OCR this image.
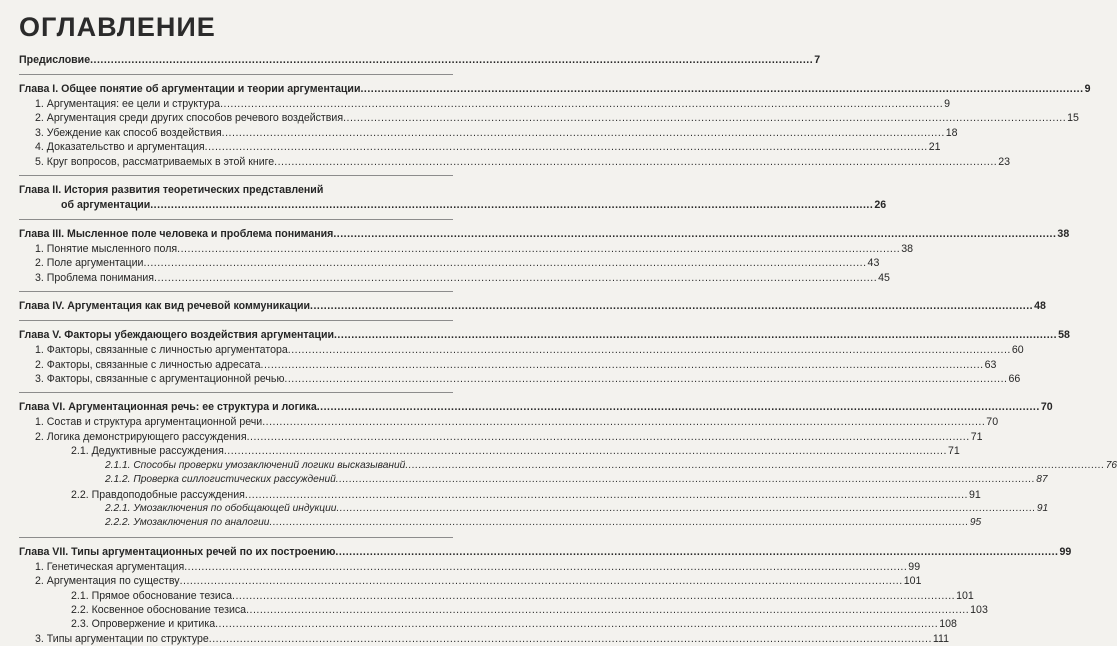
ОГЛАВЛЕНИЕ
Предисловие .....	7
Глава I. Общее понятие об аргументации и теории аргументации .....	9
1. Аргументация: ее цели и структура .....	9
2. Аргументация среди других способов речевого воздействия .....	15
3. Убеждение как способ воздействия .....	18
4. Доказательство и аргументация .....	21
5. Круг вопросов, рассматриваемых в этой книге .....	23
Глава II. История развития теоретических представлений
об аргументации .....	26
Глава III. Мысленное поле человека и проблема понимания .....	38
1. Понятие мысленного поля .....	38
2. Поле аргументации .....	43
3. Проблема понимания .....	45
Глава IV. Аргументация как вид речевой коммуникации .....	48
Глава V. Факторы убеждающего воздействия аргументации .....	58
1. Факторы, связанные с личностью аргументатора .....	60
2. Факторы, связанные с личностью адресата .....	63
3. Факторы, связанные с аргументационной речью .....	66
Глава VI. Аргументационная речь: ее структура и логика .....	70
1. Состав и структура аргументационной речи .....	70
2. Логика демонстрирующего рассуждения .....	71
2.1. Дедуктивные рассуждения .....	71
2.1.1. Способы проверки умозаключений логики высказываний .....	76
2.1.2. Проверка силлогистических рассуждений .....	87
2.2. Правдоподобные рассуждения .....	91
2.2.1. Умозаключения по обобщающей индукции .....	91
2.2.2. Умозаключения по аналогии .....	95
Глава VII. Типы аргументационных речей по их построению .....	99
1. Генетическая аргументация .....	99
2. Аргументация по существу .....	101
2.1. Прямое обоснование тезиса .....	101
2.2. Косвенное обоснование тезиса .....	103
2.3. Опровержение и критика .....	108
3. Типы аргументации по структуре .....	111
